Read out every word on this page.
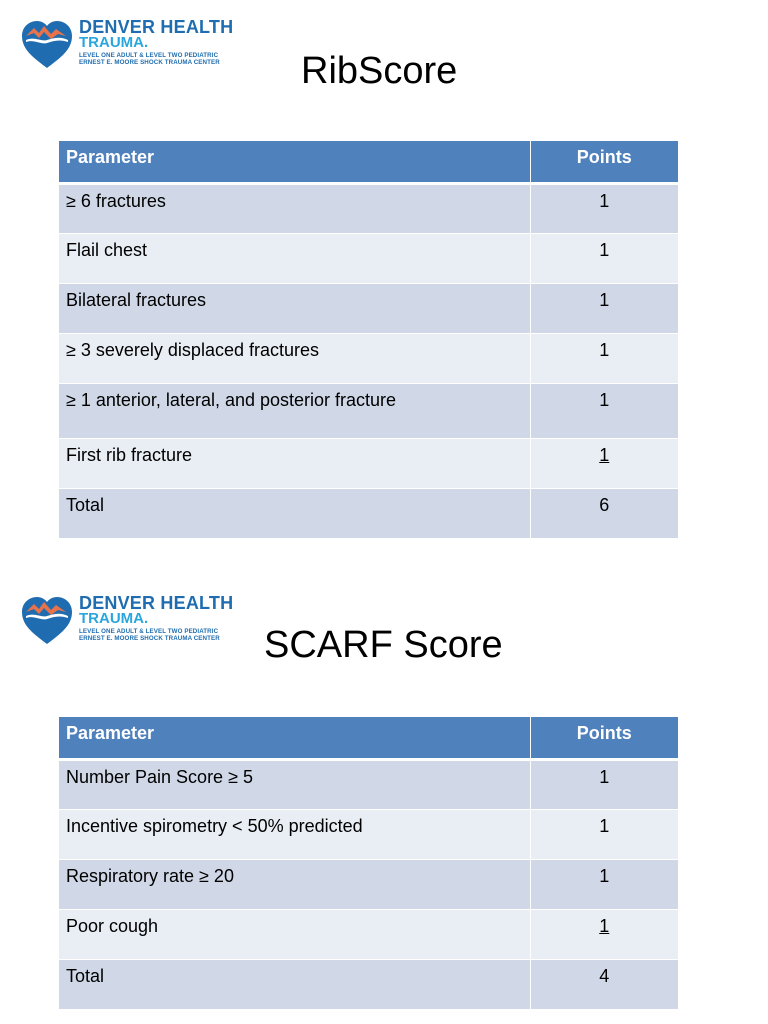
DENVER HEALTH
TRAUMA.
LEVEL ONE ADULT & LEVEL TWO PEDIATRIC
ERNEST E. MOORE SHOCK TRAUMA CENTER RibScore
Parameter	Points
≥ 6 fractures	1
Flail chest	1
Bilateral fractures	1
≥ 3 severely displaced fractures	1
≥ 1 anterior, lateral, and posterior fracture	1
First rib fracture	1
Total	6
DENVER HEALTH
TRAUMA.
LEVEL ONE ADULT & LEVEL TWO PEDIATRIC
ERNEST E. MOORE SHOCK TRAUMA CENTER SCARF Score
Parameter	Points
Number Pain Score ≥ 5	1
Incentive spirometry < 50% predicted	1
Respiratory rate ≥ 20	1
Poor cough	1
Total	4
